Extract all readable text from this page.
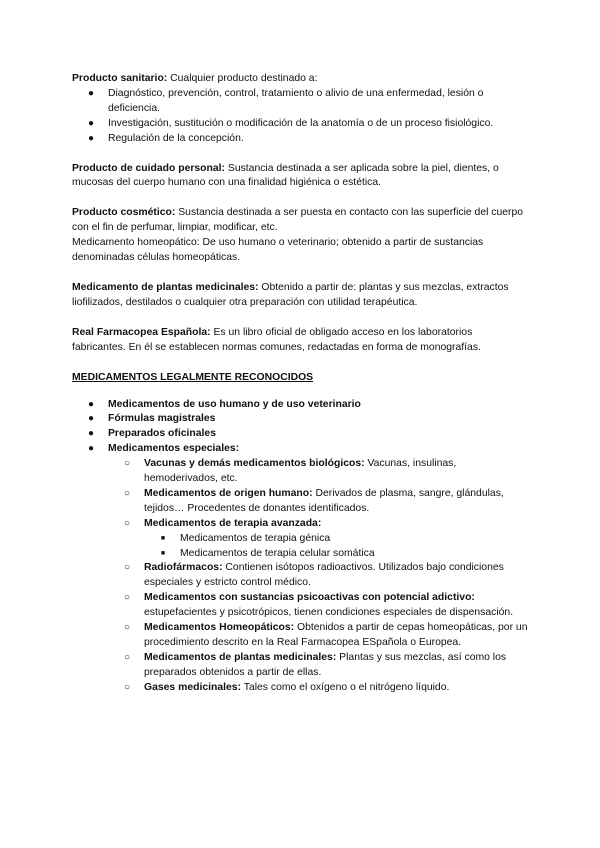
Producto sanitario: Cualquier producto destinado a:

●	Diagnóstico, prevención, control, tratamiento o alivio de una enfermedad, lesión o deficiencia.
●	Investigación, sustitución o modificación de la anatomía o de un proceso fisiológico.
●	Regulación de la concepción.

Producto de cuidado personal: Sustancia destinada a ser aplicada sobre la piel, dientes, o mucosas del cuerpo humano con una finalidad higiénica o estética.

Producto cosmético: Sustancia destinada a ser puesta en contacto con las superficie del cuerpo con el fin de perfumar, limpiar, modificar, etc.

Medicamento homeopático: De uso humano o veterinario; obtenido a partir de sustancias denominadas células homeopáticas.

Medicamento de plantas medicinales: Obtenido a partir de: plantas y sus mezclas, extractos liofilizados, destilados o cualquier otra preparación con utilidad terapéutica.

Real Farmacopea Española: Es un libro oficial de obligado acceso en los laboratorios fabricantes. En él se establecen normas comunes, redactadas en forma de monografías.

MEDICAMENTOS LEGALMENTE RECONOCIDOS

●	Medicamentos de uso humano y de uso veterinario
●	Fórmulas magistrales
●	Preparados oficinales
●	Medicamentos especiales:
○	Vacunas y demás medicamentos biológicos: Vacunas, insulinas, hemoderivados, etc.
○	Medicamentos de origen humano: Derivados de plasma, sangre, glándulas, tejidos… Procedentes de donantes identificados.
○	Medicamentos de terapia avanzada:
■	Medicamentos de terapia génica
■	Medicamentos de terapia celular somática
○	Radiofármacos: Contienen isótopos radioactivos. Utilizados bajo condiciones especiales y estricto control médico.
○	Medicamentos con sustancias psicoactivas con potencial adictivo: estupefacientes y psicotrópicos, tienen condiciones especiales de dispensación.
○	Medicamentos Homeopáticos: Obtenidos a partir de cepas homeopáticas, por un procedimiento descrito en la Real Farmacopea ESpañola o Europea.
○	Medicamentos de plantas medicinales: Plantas y sus mezclas, así como los preparados obtenidos a partir de ellas.
○	Gases medicinales: Tales como el oxígeno o el nitrógeno líquido.
